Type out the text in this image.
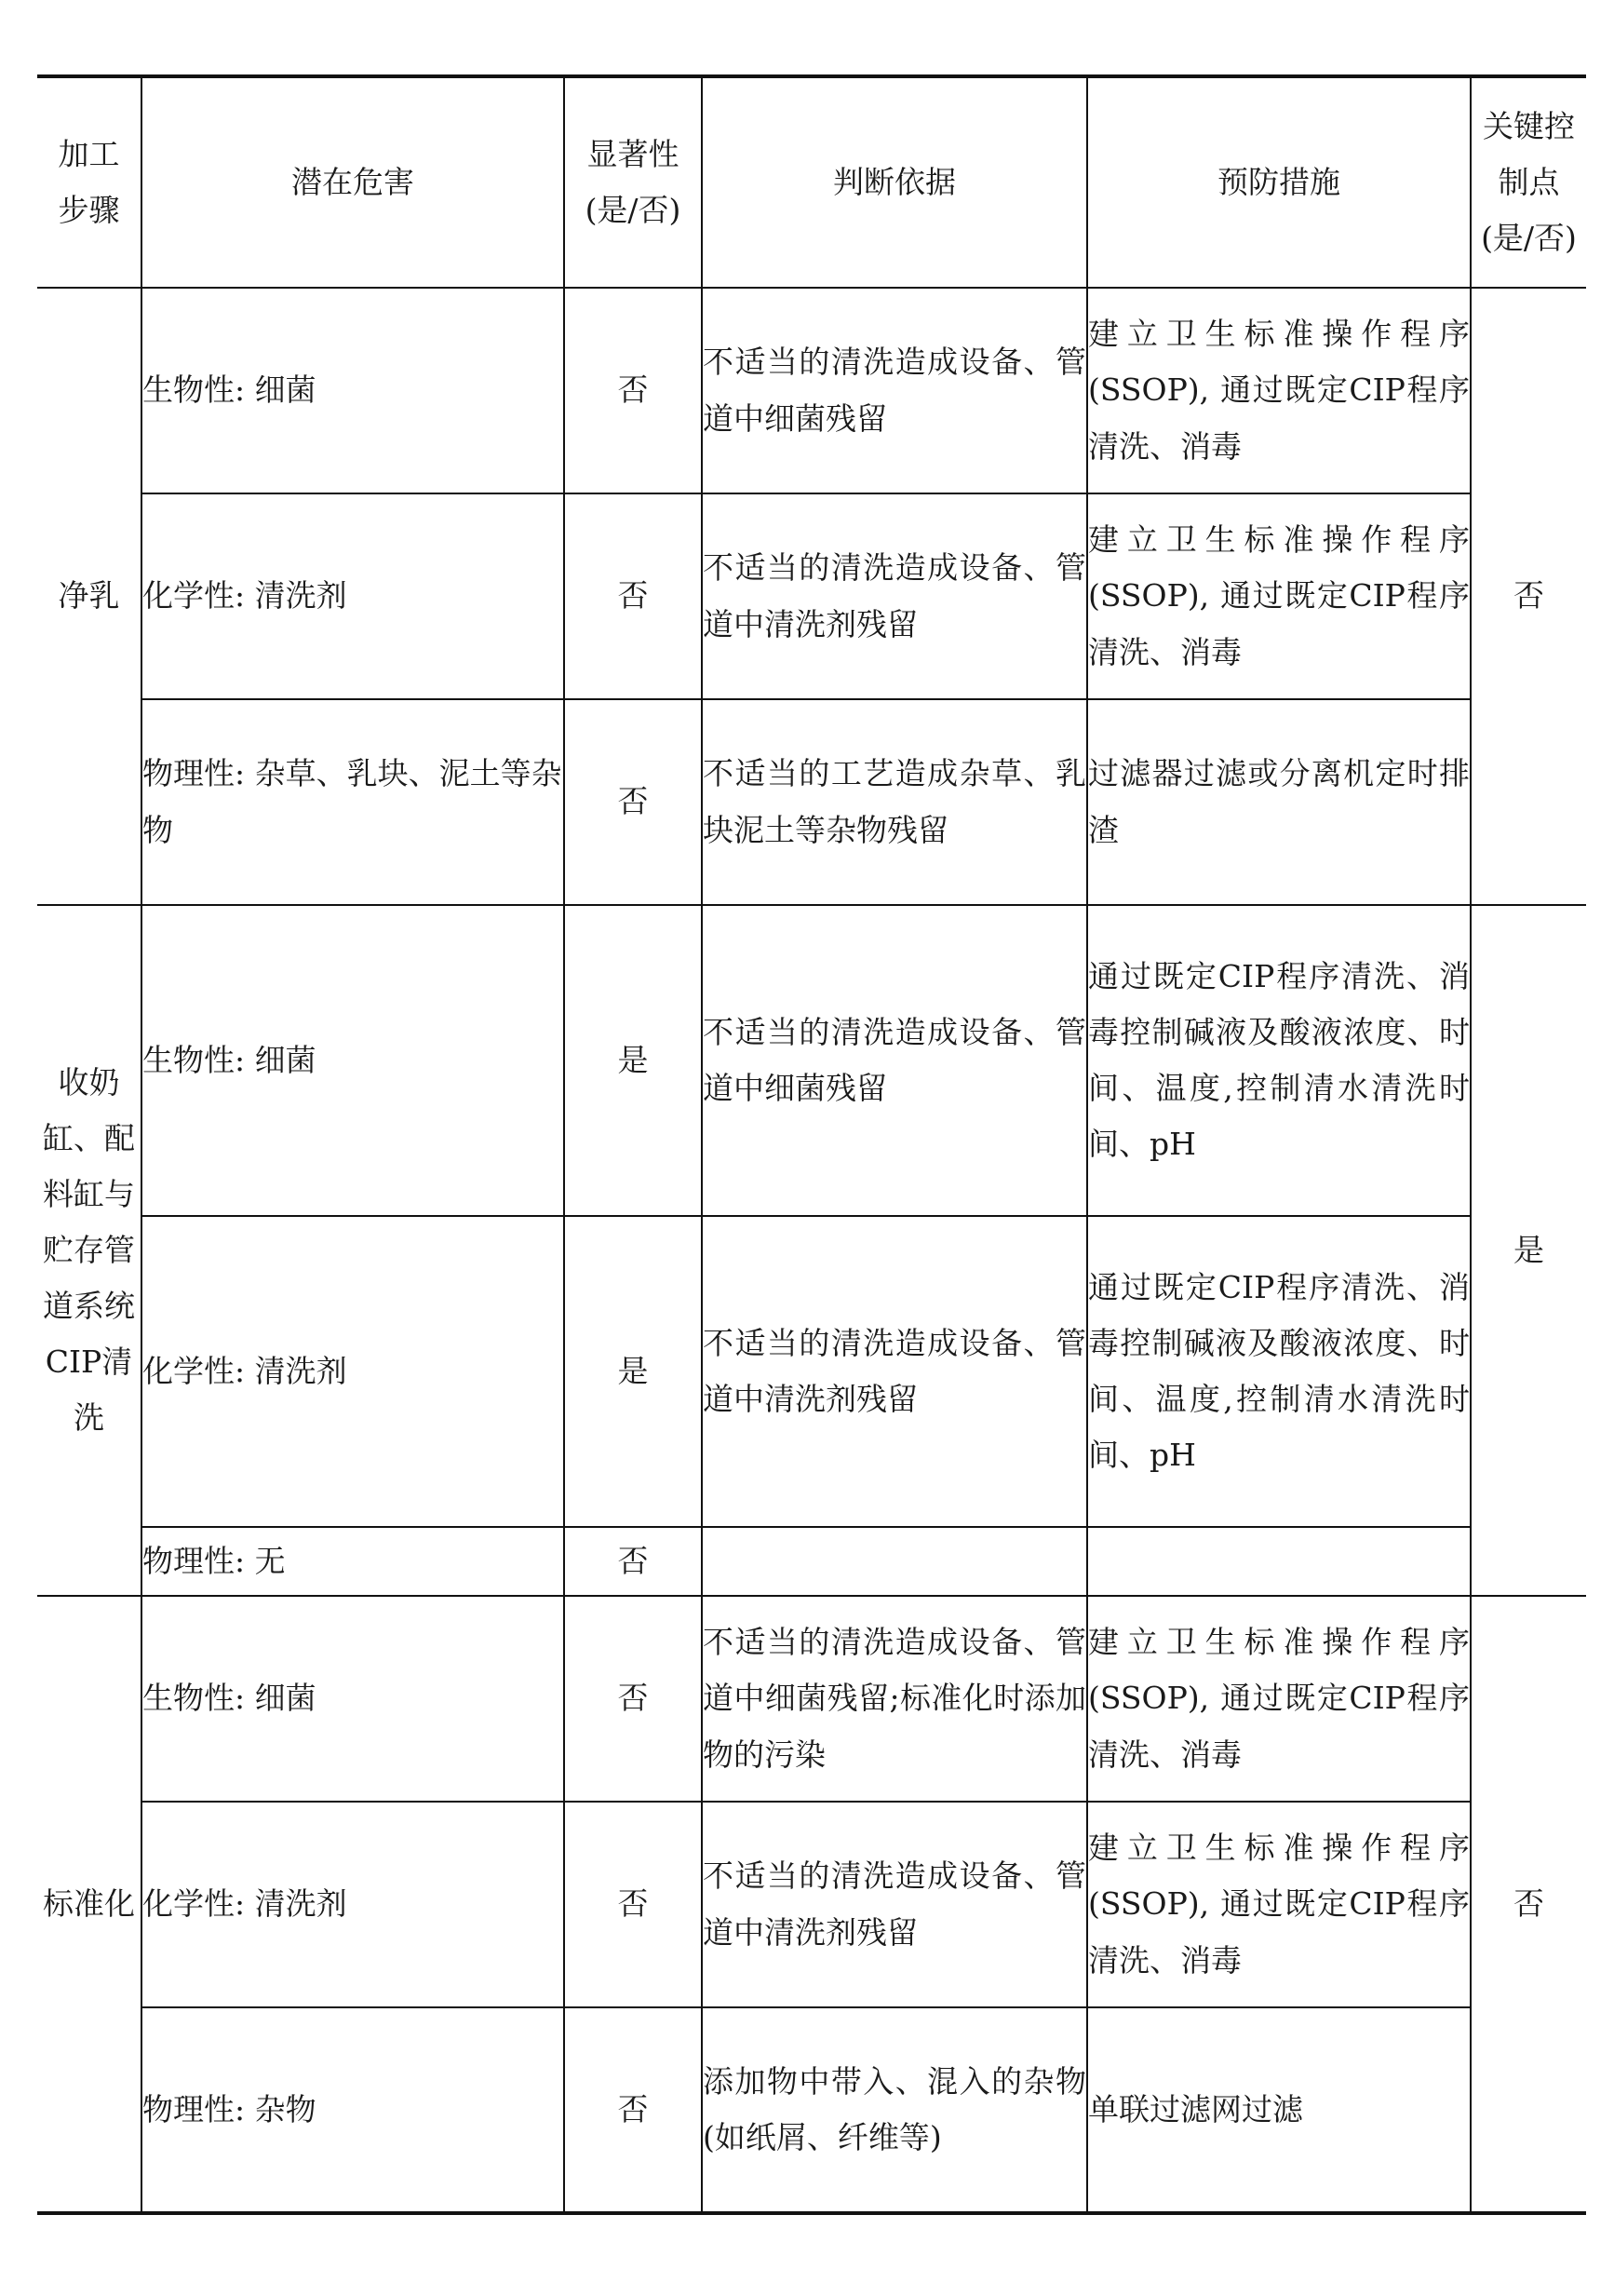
加工步骤	潜在危害	显著性(是/否)	判断依据	预防措施	关键控制点(是/否)

净乳	生物性: 细菌	否	不适当的清洗造成设备、管道中细菌残留	建立卫生标准操作程序(SSOP), 通过既定CIP程序清洗、消毒	否
	化学性: 清洗剂	否	不适当的清洗造成设备、管道中清洗剂残留	建立卫生标准操作程序(SSOP), 通过既定CIP程序清洗、消毒	
	物理性: 杂草、乳块、泥土等杂物	否	不适当的工艺造成杂草、乳块泥土等杂物残留	过滤器过滤或分离机定时排渣	
收奶缸、配料缸与贮存管道系统CIP清洗	生物性: 细菌	是	不适当的清洗造成设备、管道中细菌残留	通过既定CIP程序清洗、消毒控制碱液及酸液浓度、时间、温度,控制清水清洗时间、pH	是
	化学性: 清洗剂	是	不适当的清洗造成设备、管道中清洗剂残留	通过既定CIP程序清洗、消毒控制碱液及酸液浓度、时间、温度,控制清水清洗时间、pH	
	物理性: 无	否			
标准化	生物性: 细菌	否	不适当的清洗造成设备、管道中细菌残留;标准化时添加物的污染	建立卫生标准操作程序(SSOP), 通过既定CIP程序清洗、消毒	否
	化学性: 清洗剂	否	不适当的清洗造成设备、管道中清洗剂残留	建立卫生标准操作程序(SSOP), 通过既定CIP程序清洗、消毒	
	物理性: 杂物	否	添加物中带入、混入的杂物(如纸屑、纤维等)	单联过滤网过滤	
